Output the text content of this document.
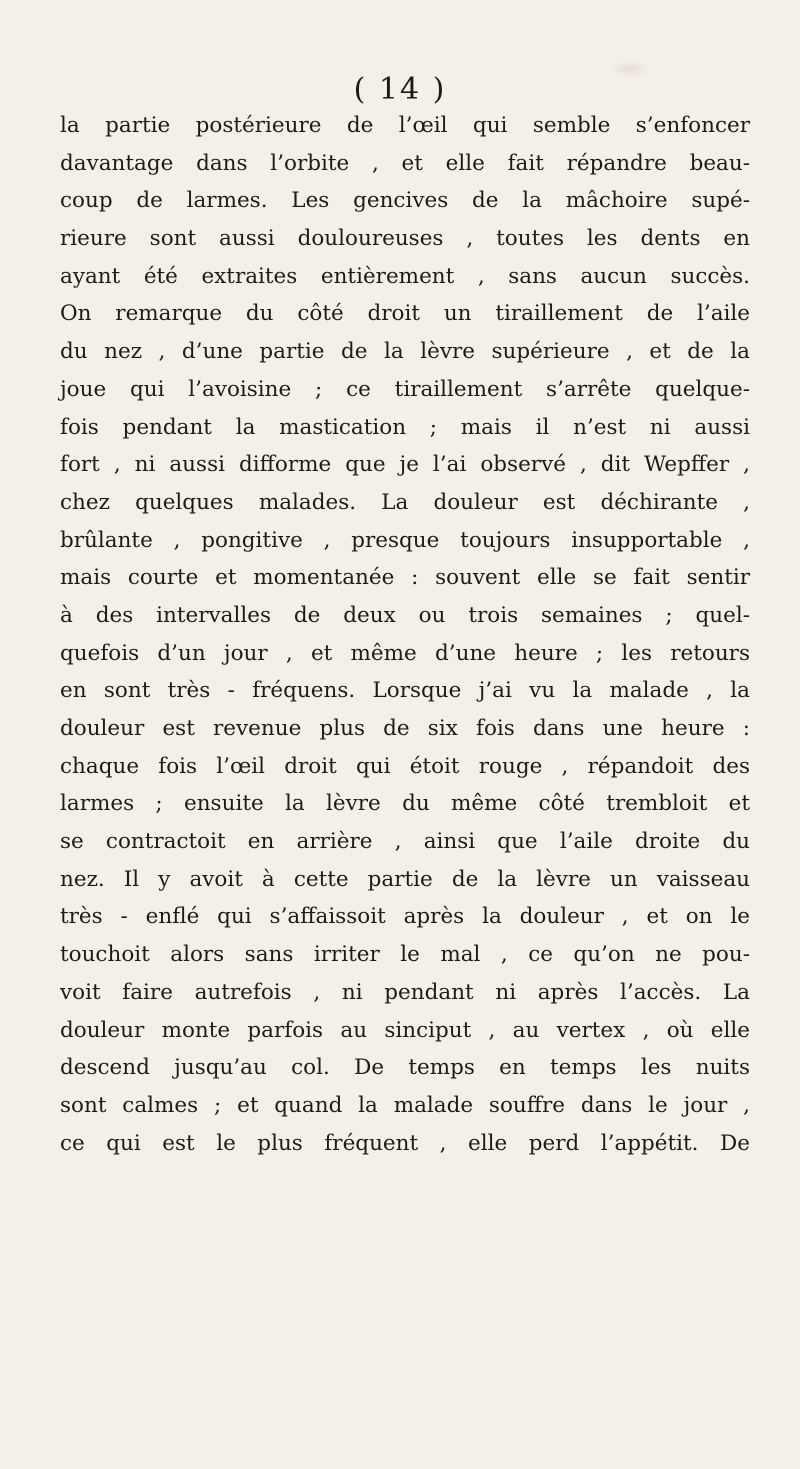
( 14 )
la partie postérieure de l’œil qui semble s’enfoncer
davantage dans l’orbite , et elle fait répandre beau-
coup de larmes. Les gencives de la mâchoire supé-
rieure sont aussi douloureuses , toutes les dents en
ayant été extraites entièrement , sans aucun succès.
On remarque du côté droit un tiraillement de l’aile
du nez , d’une partie de la lèvre supérieure , et de la
joue qui l’avoisine ; ce tiraillement s’arrête quelque-
fois pendant la mastication ; mais il n’est ni aussi
fort , ni aussi difforme que je l’ai observé , dit Wepffer ,
chez quelques malades. La douleur est déchirante ,
brûlante , pongitive , presque toujours insupportable ,
mais courte et momentanée : souvent elle se fait sentir
à des intervalles de deux ou trois semaines ; quel-
quefois d’un jour , et même d’une heure ; les retours
en sont très - fréquens. Lorsque j’ai vu la malade , la
douleur est revenue plus de six fois dans une heure :
chaque fois l’œil droit qui étoit rouge , répandoit des
larmes ; ensuite la lèvre du même côté trembloit et
se contractoit en arrière , ainsi que l’aile droite du
nez. Il y avoit à cette partie de la lèvre un vaisseau
très - enflé qui s’affaissoit après la douleur , et on le
touchoit alors sans irriter le mal , ce qu’on ne pou-
voit faire autrefois , ni pendant ni après l’accès. La
douleur monte parfois au sinciput , au vertex , où elle
descend jusqu’au col. De temps en temps les nuits
sont calmes ; et quand la malade souffre dans le jour ,
ce qui est le plus fréquent , elle perd l’appétit. De
